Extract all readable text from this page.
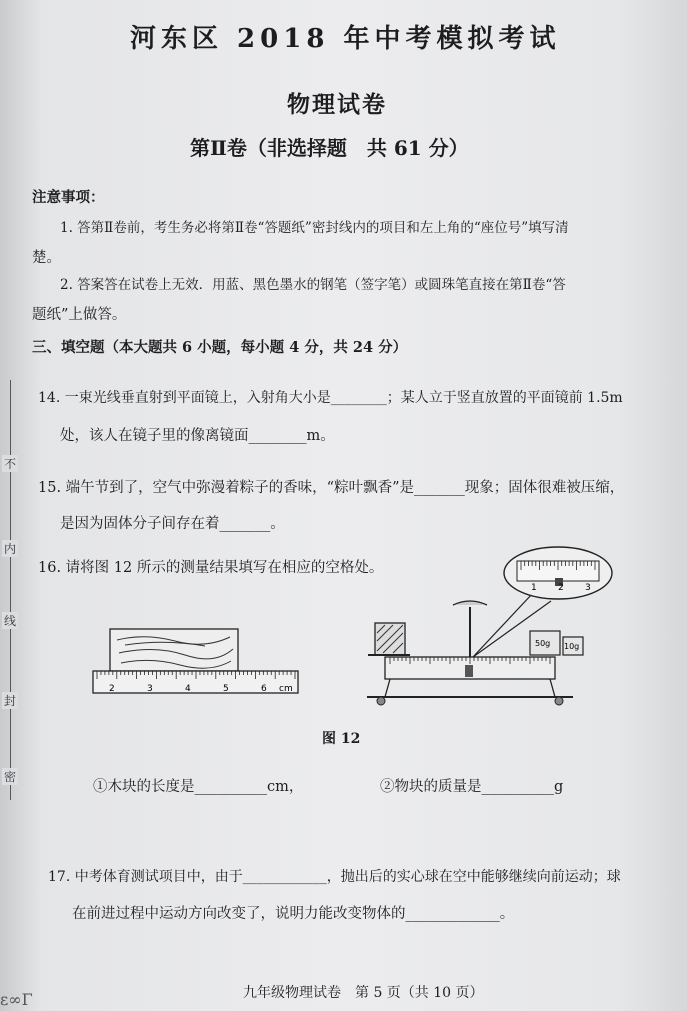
不
内
线
封
密
河东区 2018 年中考模拟考试
物理试卷
第Ⅱ卷（非选择题　共 61 分）
注意事项：
1. 答第Ⅱ卷前，考生务必将第Ⅱ卷“答题纸”密封线内的项目和左上角的“座位号”填写清
楚。
2. 答案答在试卷上无效．用蓝、黑色墨水的钢笔（签字笔）或圆珠笔直接在第Ⅱ卷“答
题纸”上做答。
三、填空题（本大题共 6 小题，每小题 4 分，共 24 分）
14. 一束光线垂直射到平面镜上，入射角大小是________；某人立于竖直放置的平面镜前 1.5m
处，该人在镜子里的像离镜面________m。
15. 端午节到了，空气中弥漫着粽子的香味，“粽叶飘香”是_______现象；固体很难被压缩，
是因为固体分子间存在着_______。
16. 请将图 12 所示的测量结果填写在相应的空格处。
2	3	4	5	6 cm
50g 10g
1 2 3
图 12
①木块的长度是__________cm，	②物块的质量是__________g
17. 中考体育测试项目中，由于____________，抛出后的实心球在空中能够继续向前运动；球
在前进过程中运动方向改变了，说明力能改变物体的_____________。
九年级物理试卷　第 5 页（共 10 页）
ε∞Γ
